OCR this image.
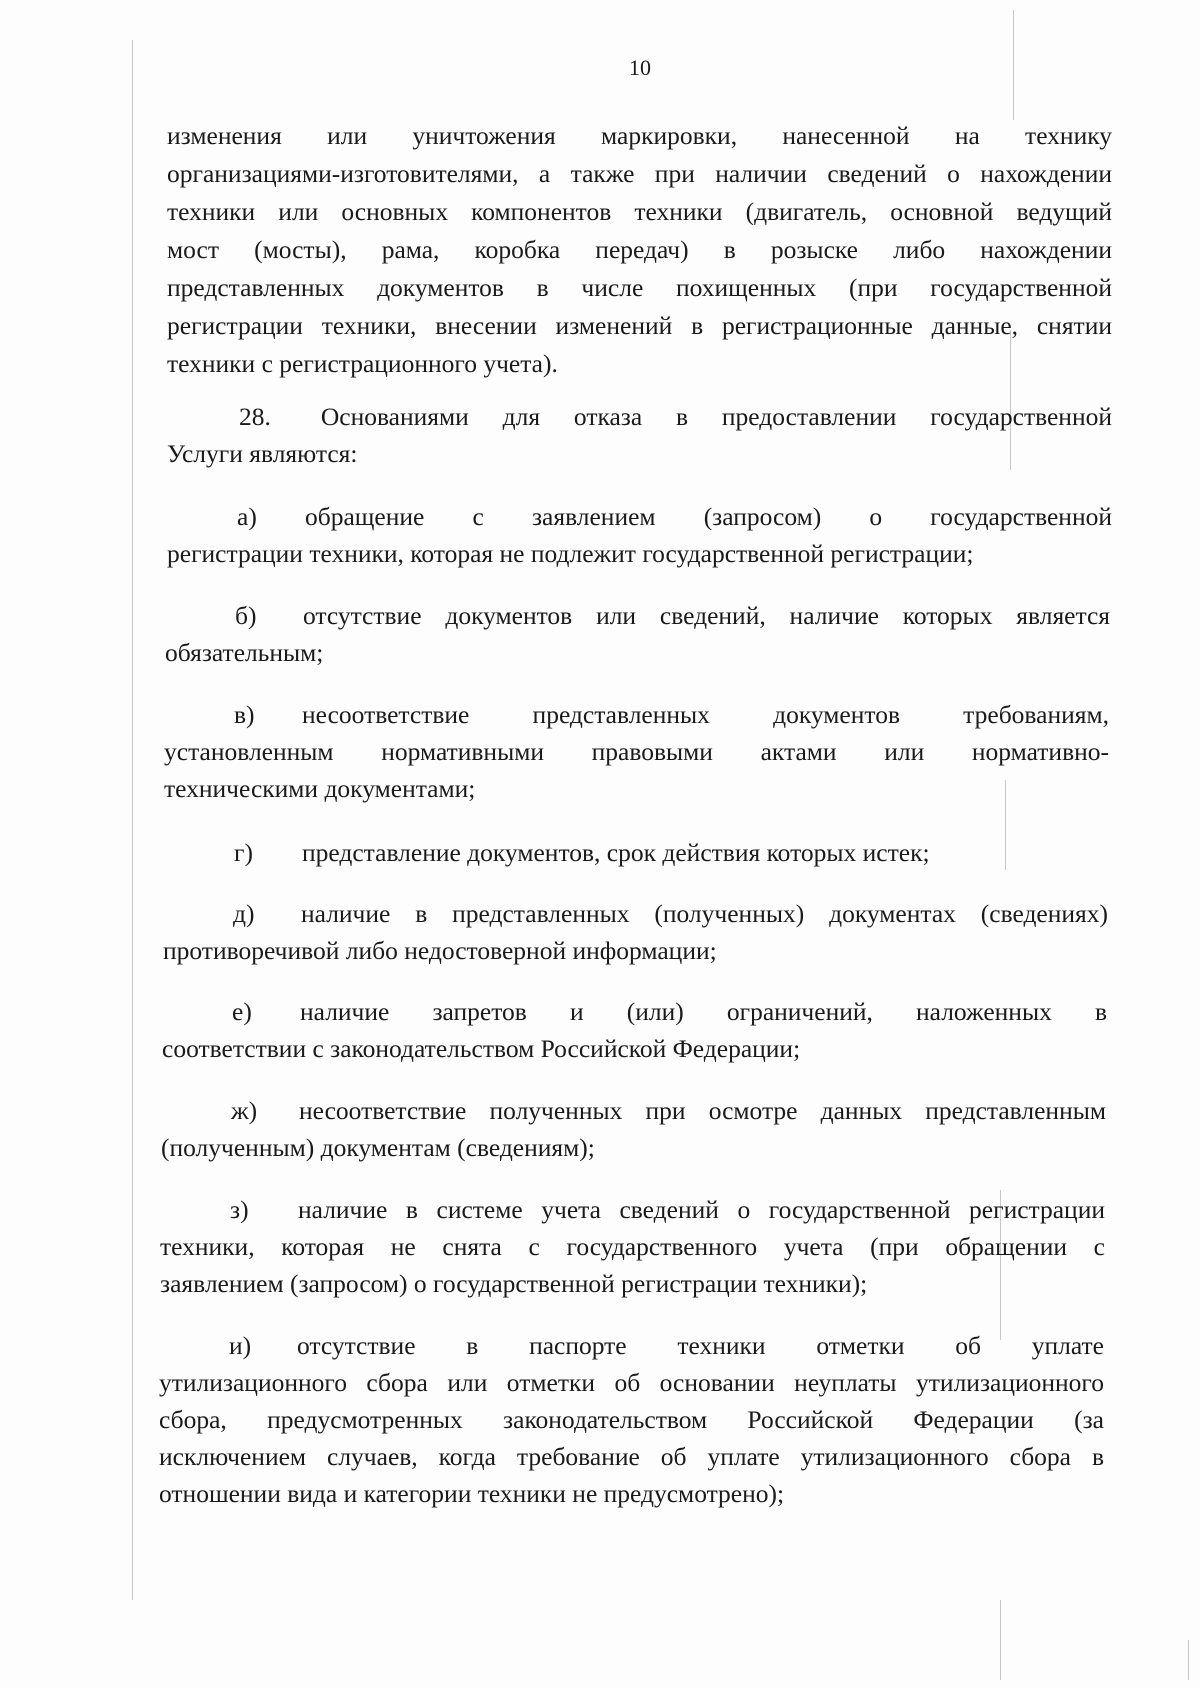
10
изменения или уничтожения маркировки, нанесенной на технику
организациями-изготовителями, а также при наличии сведений о нахождении
техники или основных компонентов техники (двигатель, основной ведущий
мост (мосты), рама, коробка передач) в розыске либо нахождении
представленных документов в числе похищенных (при государственной
регистрации техники, внесении изменений в регистрационные данные, снятии
техники с регистрационного учета).
28. Основаниями для отказа в предоставлении государственной
Услуги являются:
а) обращение с заявлением (запросом) о государственной
регистрации техники, которая не подлежит государственной регистрации;
б) отсутствие документов или сведений, наличие которых является
обязательным;
в) несоответствие представленных документов требованиям,
установленным нормативными правовыми актами или нормативно-
техническими документами;
г) представление документов, срок действия которых истек;
д) наличие в представленных (полученных) документах (сведениях)
противоречивой либо недостоверной информации;
е) наличие запретов и (или) ограничений, наложенных в
соответствии с законодательством Российской Федерации;
ж) несоответствие полученных при осмотре данных представленным
(полученным) документам (сведениям);
з) наличие в системе учета сведений о государственной регистрации
техники, которая не снята с государственного учета (при обращении с
заявлением (запросом) о государственной регистрации техники);
и) отсутствие в паспорте техники отметки об уплате
утилизационного сбора или отметки об основании неуплаты утилизационного
сбора, предусмотренных законодательством Российской Федерации (за
исключением случаев, когда требование об уплате утилизационного сбора в
отношении вида и категории техники не предусмотрено);
